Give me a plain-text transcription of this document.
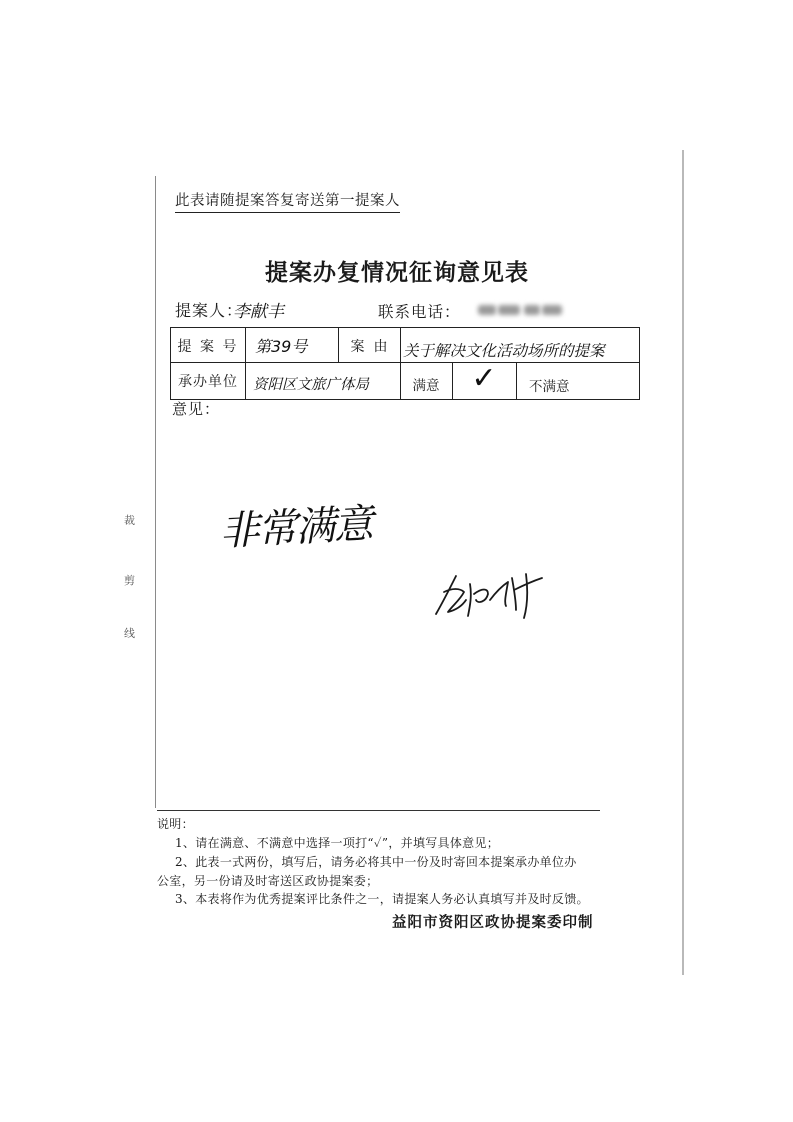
裁
剪
线
此表请随提案答复寄送第一提案人
提案办复情况征询意见表
提案人：
李献丰	联系电话：
提 案 号	第39号	案  由	关于解决文化活动场所的提案
承办单位	资阳区文旅广体局	满意	✓	不满意
意见：
非常满意
说明：
1、请在满意、不满意中选择一项打“✓”，并填写具体意见；
2、此表一式两份，填写后，请务必将其中一份及时寄回本提案承办单位办
公室，另一份请及时寄送区政协提案委；
3、本表将作为优秀提案评比条件之一，请提案人务必认真填写并及时反馈。
益阳市资阳区政协提案委印制
